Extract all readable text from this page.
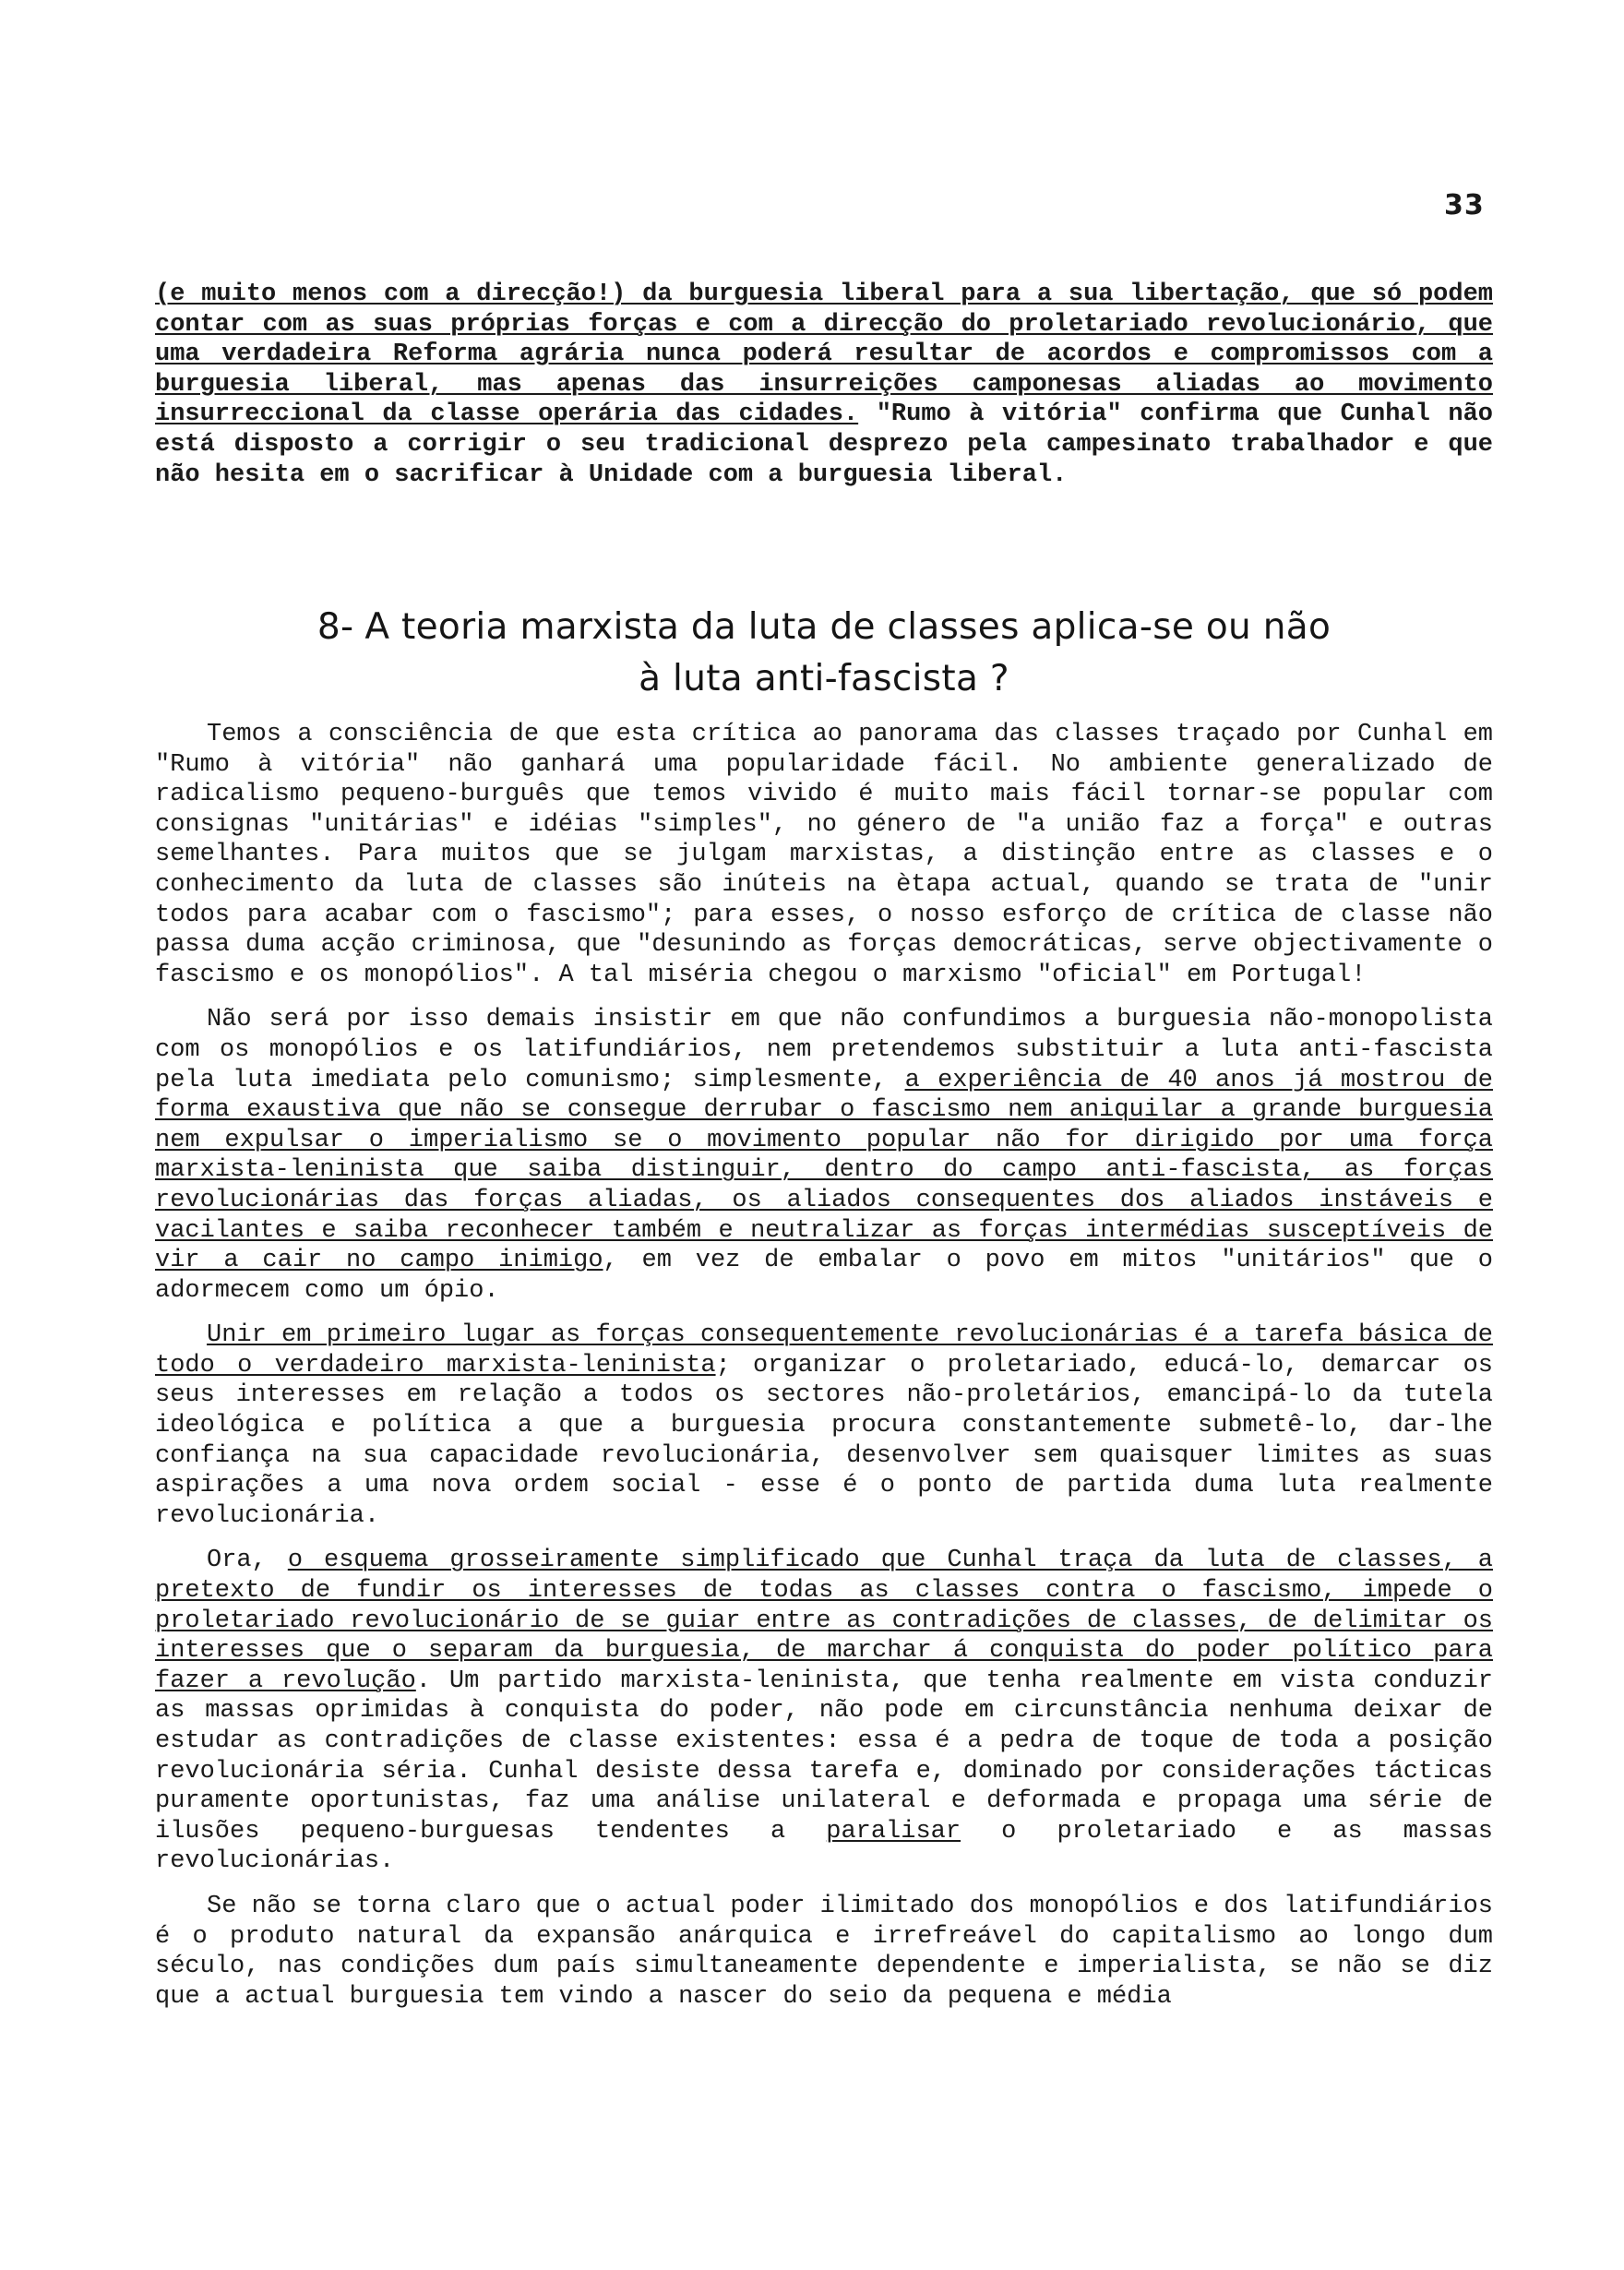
33

(e muito menos com a direcção!) da burguesia liberal para a sua libertação, que só podem contar com as suas próprias forças e com a direcção do proletariado revolucionário, que uma verdadeira Reforma agrária nunca poderá resultar de acordos e compromissos com a burguesia liberal, mas apenas das insurreições camponesas aliadas ao movimento insurreccional da classe operária das cidades. "Rumo à vitória" confirma que Cunhal não está disposto a corrigir o seu tradicional desprezo pela campesinato trabalhador e que não hesita em o sacrificar à Unidade com a burguesia liberal.

8- A teoria marxista da luta de classes aplica-se ou não
à luta anti-fascista ?

Temos a consciência de que esta crítica ao panorama das classes traçado por Cunhal em "Rumo à vitória" não ganhará uma popularidade fácil. No ambiente generalizado de radicalismo pequeno-burguês que temos vivido é muito mais fácil tornar-se popular com consignas "unitárias" e idéias "simples", no género de "a união faz a força" e outras semelhantes. Para muitos que se julgam marxistas, a distinção entre as classes e o conhecimento da luta de classes são inúteis na ètapa actual, quando se trata de "unir todos para acabar com o fascismo"; para esses, o nosso esforço de crítica de classe não passa duma acção criminosa, que "desunindo as forças democráticas, serve objectivamente o fascismo e os monopólios". A tal miséria chegou o marxismo "oficial" em Portugal!

Não será por isso demais insistir em que não confundimos a burguesia não-monopolista com os monopólios e os latifundiários, nem pretendemos substituir a luta anti-fascista pela luta imediata pelo comunismo; simplesmente, a experiência de 40 anos já mostrou de forma exaustiva que não se consegue derrubar o fascismo nem aniquilar a grande burguesia nem expulsar o imperialismo se o movimento popular não for dirigido por uma força marxista-leninista que saiba distinguir, dentro do campo anti-fascista, as forças revolucionárias das forças aliadas, os aliados consequentes dos aliados instáveis e vacilantes e saiba reconhecer também e neutralizar as forças intermédias susceptíveis de vir a cair no campo inimigo, em vez de embalar o povo em mitos "unitários" que o adormecem como um ópio.

Unir em primeiro lugar as forças consequentemente revolucionárias é a tarefa básica de todo o verdadeiro marxista-leninista; organizar o proletariado, educá-lo, demarcar os seus interesses em relação a todos os sectores não-proletários, emancipá-lo da tutela ideológica e política a que a burguesia procura constantemente submetê-lo, dar-lhe confiança na sua capacidade revolucionária, desenvolver sem quaisquer limites as suas aspirações a uma nova ordem social - esse é o ponto de partida duma luta realmente revolucionária.

Ora, o esquema grosseiramente simplificado que Cunhal traça da luta de classes, a pretexto de fundir os interesses de todas as classes contra o fascismo, impede o proletariado revolucionário de se guiar entre as contradições de classes, de delimitar os interesses que o separam da burguesia, de marchar á conquista do poder político para fazer a revolução. Um partido marxista-leninista, que tenha realmente em vista conduzir as massas oprimidas à conquista do poder, não pode em circunstância nenhuma deixar de estudar as contradições de classe existentes: essa é a pedra de toque de toda a posição revolucionária séria. Cunhal desiste dessa tarefa e, dominado por considerações tácticas puramente oportunistas, faz uma análise unilateral e deformada e propaga uma série de ilusões pequeno-burguesas tendentes a paralisar o proletariado e as massas revolucionárias.

Se não se torna claro que o actual poder ilimitado dos monopólios e dos latifundiários é o produto natural da expansão anárquica e irrefreável do capitalismo ao longo dum século, nas condições dum país simultaneamente dependente e imperialista, se não se diz que a actual burguesia tem vindo a nascer do seio da pequena e média
